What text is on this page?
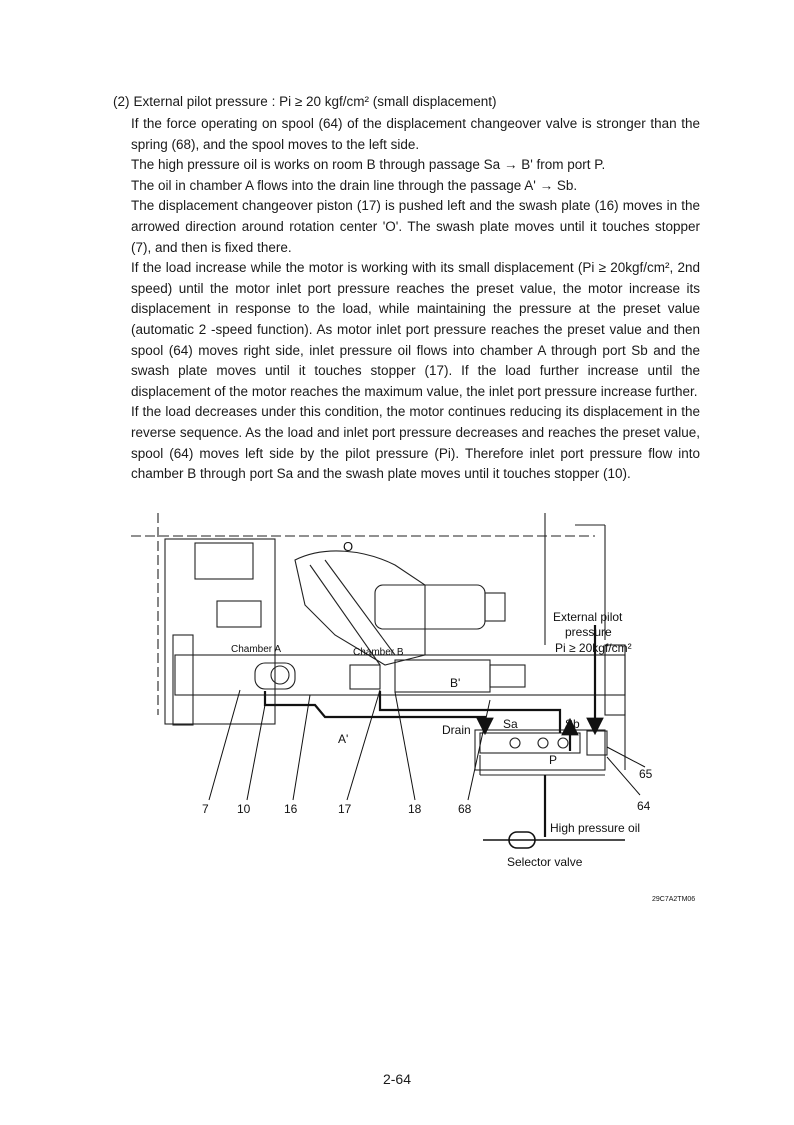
(2) External pilot pressure : Pi ≥ 20 kgf/cm² (small displacement)

If the force operating on spool (64) of the displacement changeover valve is stronger than the spring (68), and the spool moves to the left side.

The high pressure oil is works on room B through passage Sa → B' from port P.

The oil in chamber A flows into the drain line through the passage A' → Sb.

The displacement changeover piston (17) is pushed left and the swash plate (16) moves in the arrowed direction around rotation center 'O'. The swash plate moves until it touches stopper (7), and then is fixed there.

If the load increase while the motor is working with its small displacement (Pi ≥ 20kgf/cm², 2nd speed) until the motor inlet port pressure reaches the preset value, the motor increase its displacement in response to the load, while maintaining the pressure at the preset value (automatic 2 -speed function). As motor inlet port pressure reaches the preset value and then spool (64) moves right side, inlet pressure oil flows into chamber A through port Sb and the swash plate moves until it touches stopper (17). If the load further increase until the displacement of the motor reaches the maximum value, the inlet port pressure increase further.

If the load decreases under this condition, the motor continues reducing its displacement in the reverse sequence. As the load and inlet port pressure decreases and reaches the preset value, spool (64) moves left side by the pilot pressure (Pi). Therefore inlet port pressure flow into chamber B through port Sa and the swash plate moves until it touches stopper (10).

O
Chamber A	Chamber B
B'
A'
Drain	Sa	Sb
P
External pilot
pressure
Pi ≥ 20kgf/cm²
High pressure oil
Selector valve
29C7A2TM06
7 10	16	17	18	68
65
64
2-64
